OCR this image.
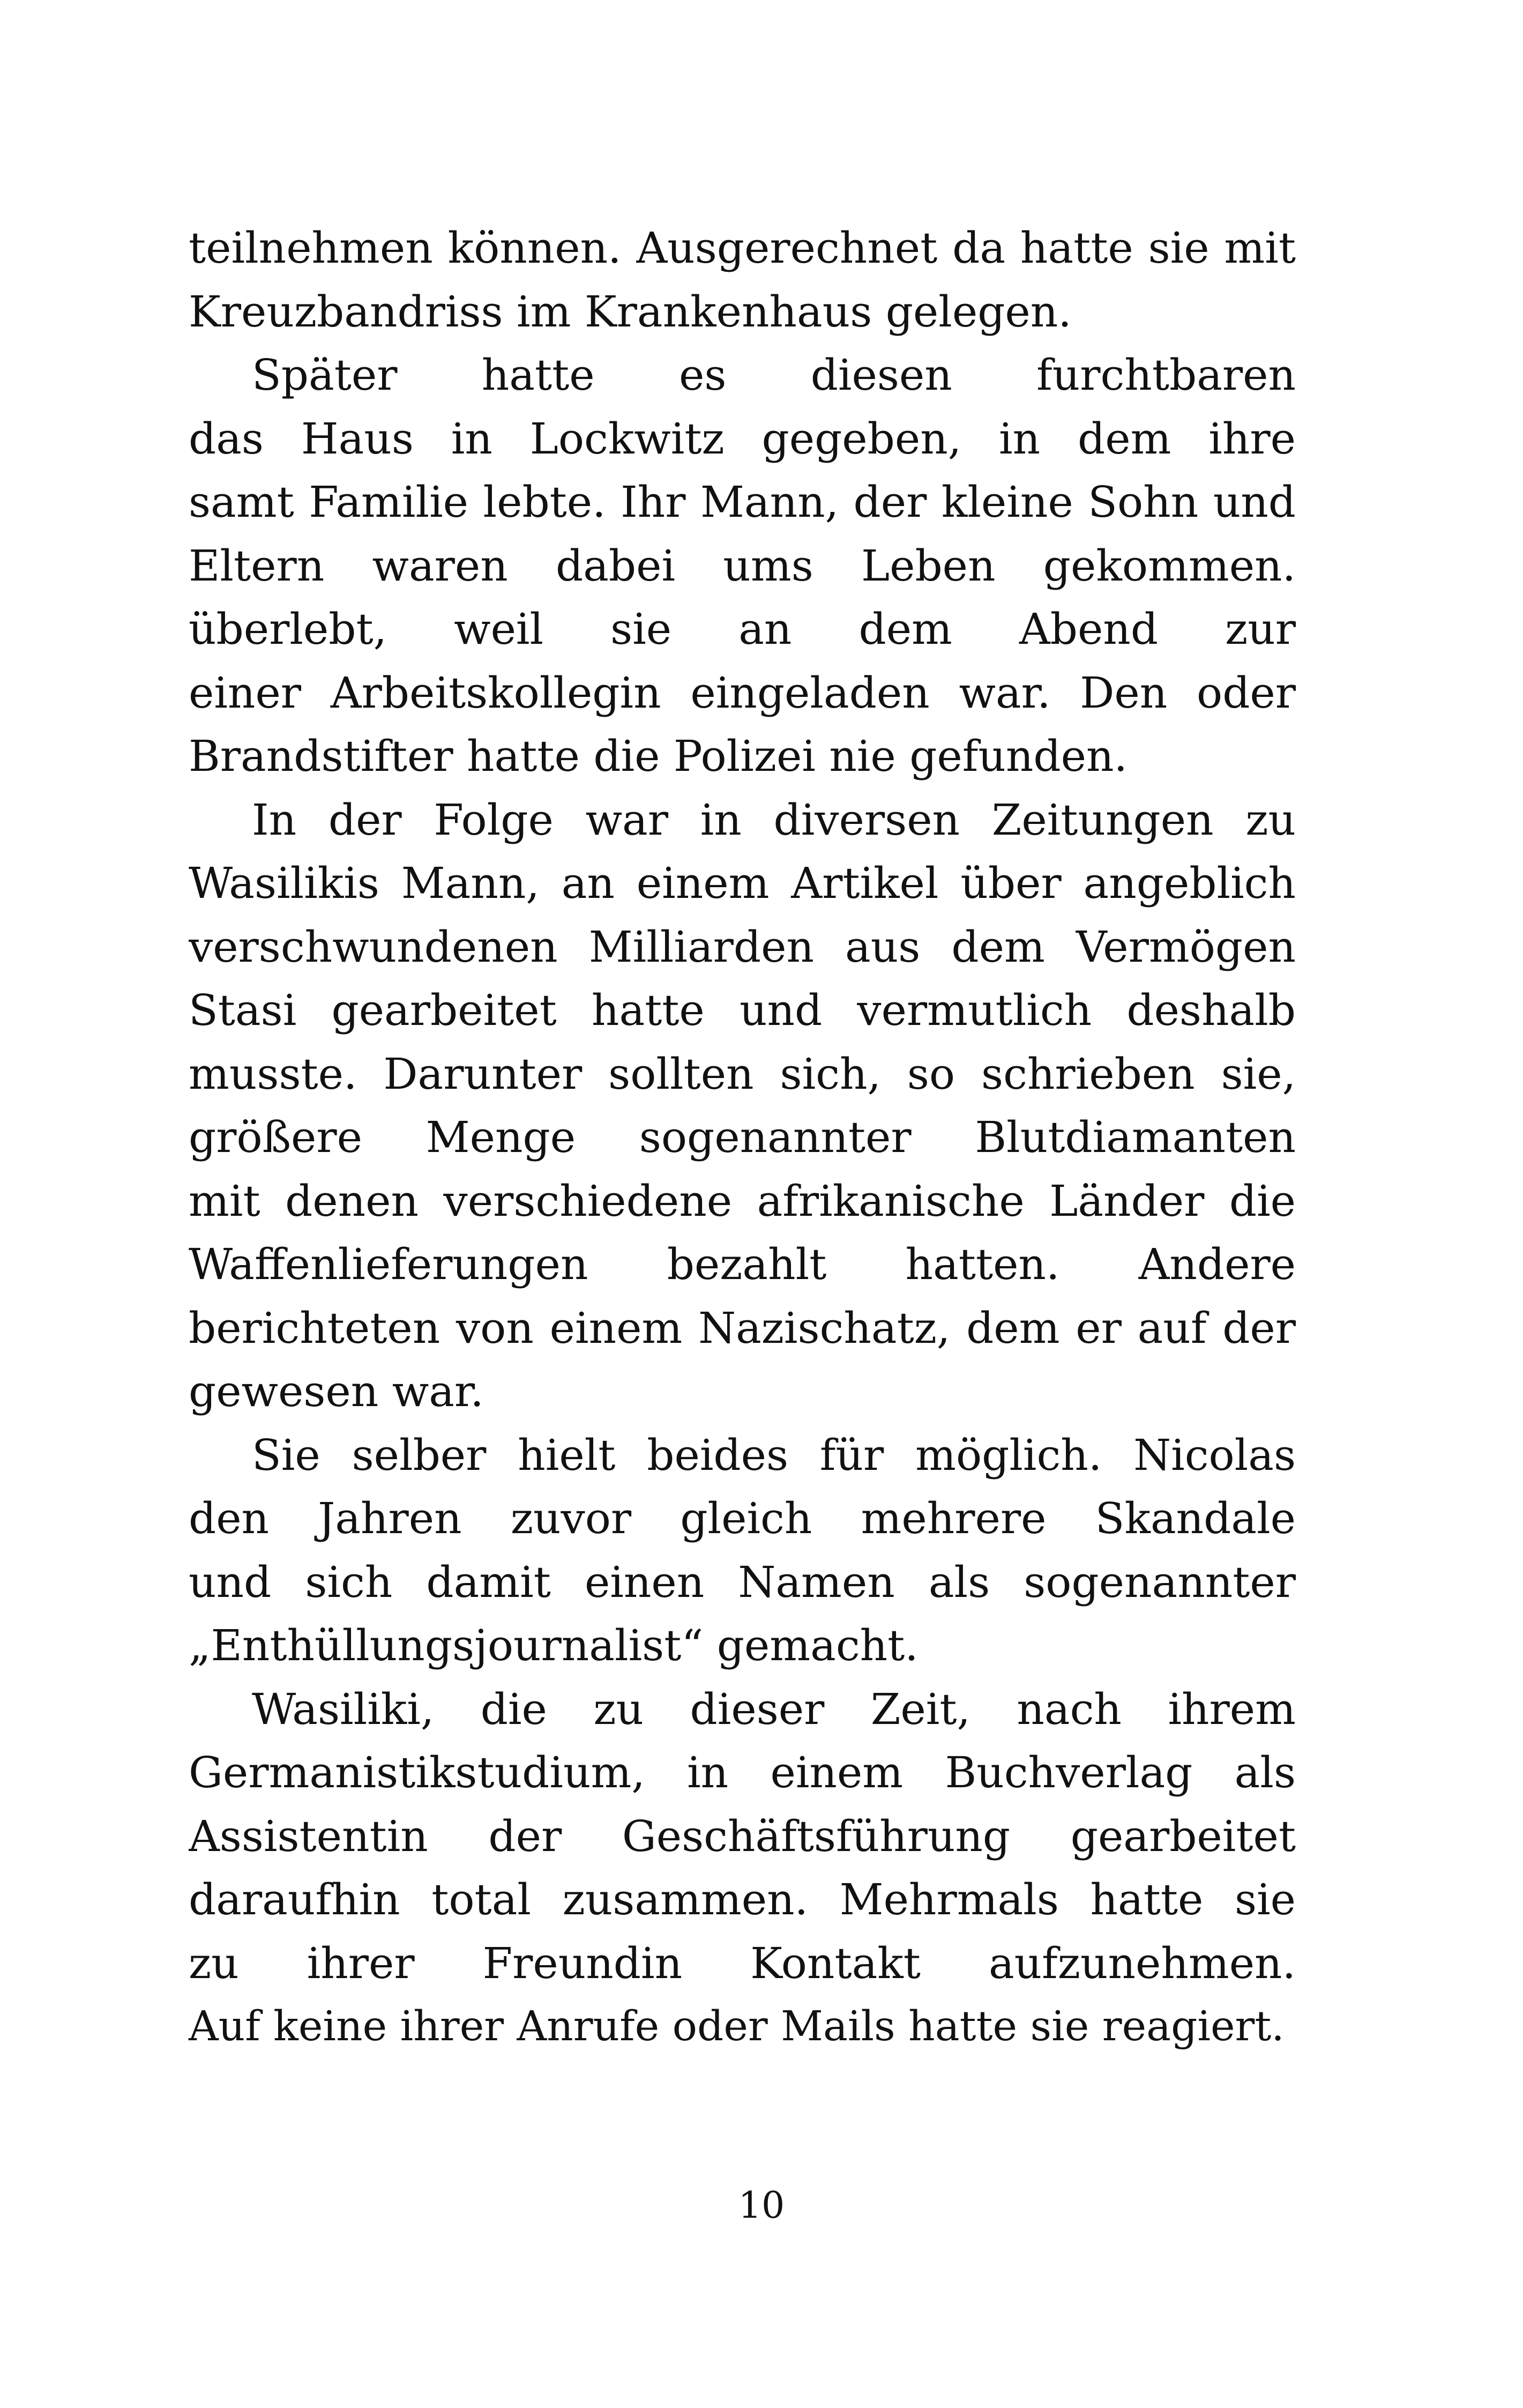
teilnehmen können. Ausgerechnet da hatte sie mit
Kreuzbandriss im Krankenhaus gelegen.
Später hatte es diesen furchtbaren
das Haus in Lockwitz gegeben, in dem ihre
samt Familie lebte. Ihr Mann, der kleine Sohn und
Eltern waren dabei ums Leben gekommen.
überlebt, weil sie an dem Abend zur
einer Arbeitskollegin eingeladen war. Den oder
Brandstifter hatte die Polizei nie gefunden.
In der Folge war in diversen Zeitungen zu
Wasilikis Mann, an einem Artikel über angeblich
verschwundenen Milliarden aus dem Vermögen
Stasi gearbeitet hatte und vermutlich deshalb
musste. Darunter sollten sich, so schrieben sie,
größere Menge sogenannter Blutdiamanten
mit denen verschiedene afrikanische Länder die
Waffenlieferungen bezahlt hatten. Andere
berichteten von einem Nazischatz, dem er auf der
gewesen war.
Sie selber hielt beides für möglich. Nicolas
den Jahren zuvor gleich mehrere Skandale
und sich damit einen Namen als sogenannter
„Enthüllungsjournalist“ gemacht.
Wasiliki, die zu dieser Zeit, nach ihrem
Germanistikstudium, in einem Buchverlag als
Assistentin der Geschäftsführung gearbeitet
daraufhin total zusammen. Mehrmals hatte sie
zu ihrer Freundin Kontakt aufzunehmen.
Auf keine ihrer Anrufe oder Mails hatte sie reagiert.
10
